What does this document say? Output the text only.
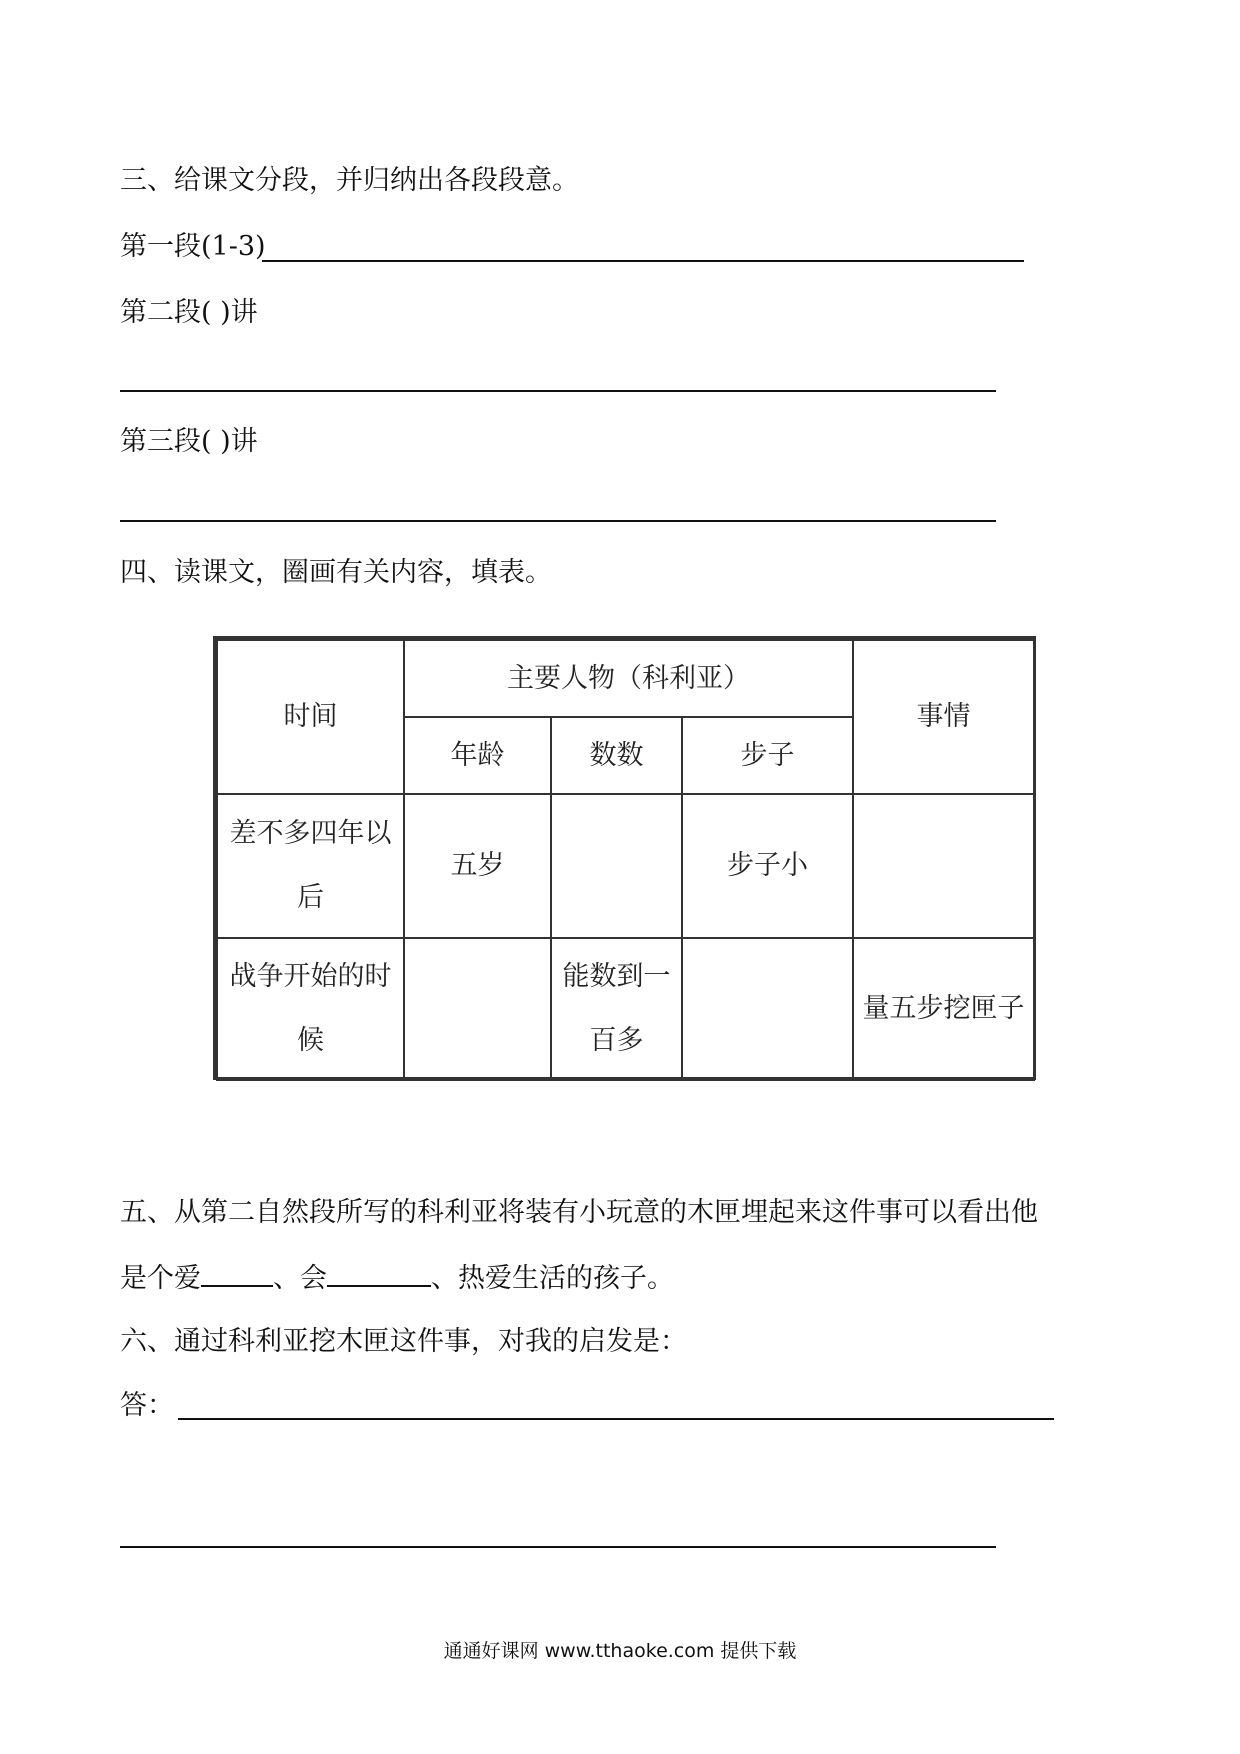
三、给课文分段，并归纳出各段段意。
第一段(1-3)
第二段( )讲
第三段( )讲
四、读课文，圈画有关内容，填表。
时间	主要人物（科利亚）			事情
	年龄	数数	步子	
差不多四年以后	五岁		步子小	
战争开始的时候		能数到一百多		量五步挖匣子
五、从第二自然段所写的科利亚将装有小玩意的木匣埋起来这件事可以看出他
是个爱	、会	、热爱生活的孩子。
六、通过科利亚挖木匣这件事，对我的启发是：
答：
通通好课网 www.tthaoke.com 提供下载
